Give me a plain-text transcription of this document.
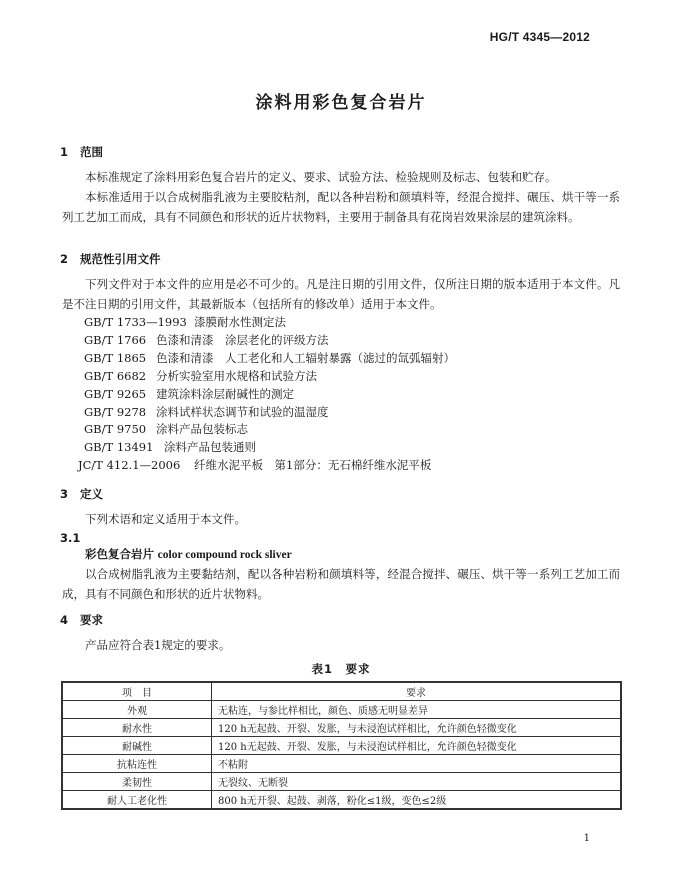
HG/T 4345—2012
涂料用彩色复合岩片
1 范围
本标准规定了涂料用彩色复合岩片的定义、要求、试验方法、检验规则及标志、包装和贮存。
本标准适用于以合成树脂乳液为主要胶粘剂，配以各种岩粉和颜填料等，经混合搅拌、碾压、烘干等一系列工艺加工而成，具有不同颜色和形状的近片状物料，主要用于制备具有花岗岩效果涂层的建筑涂料。
2 规范性引用文件
下列文件对于本文件的应用是必不可少的。凡是注日期的引用文件，仅所注日期的版本适用于本文件。凡是不注日期的引用文件，其最新版本（包括所有的修改单）适用于本文件。
GB/T 1733—1993 漆膜耐水性测定法
GB/T 1766 色漆和清漆　涂层老化的评级方法
GB/T 1865 色漆和清漆　人工老化和人工辐射暴露（滤过的氙弧辐射）
GB/T 6682 分析实验室用水规格和试验方法
GB/T 9265 建筑涂料涂层耐碱性的测定
GB/T 9278 涂料试样状态调节和试验的温湿度
GB/T 9750 涂料产品包装标志
GB/T 13491 涂料产品包装通则
JC/T 412.1—2006 纤维水泥平板　第1部分：无石棉纤维水泥平板
3 定义
下列术语和定义适用于本文件。
3.1
彩色复合岩片 color compound rock sliver
以合成树脂乳液为主要黏结剂，配以各种岩粉和颜填料等，经混合搅拌、碾压、烘干等一系列工艺加工而成，具有不同颜色和形状的近片状物料。
4 要求
产品应符合表1规定的要求。
表1　要求
项　目	要求
外观	无粘连，与参比样相比，颜色、质感无明显差异
耐水性	120 h无起鼓、开裂、发胀，与未浸泡试样相比，允许颜色轻微变化
耐碱性	120 h无起鼓、开裂、发胀，与未浸泡试样相比，允许颜色轻微变化
抗粘连性	不粘附
柔韧性	无裂纹、无断裂
耐人工老化性	800 h无开裂、起鼓、剥落，粉化≤1级，变色≤2级
1
